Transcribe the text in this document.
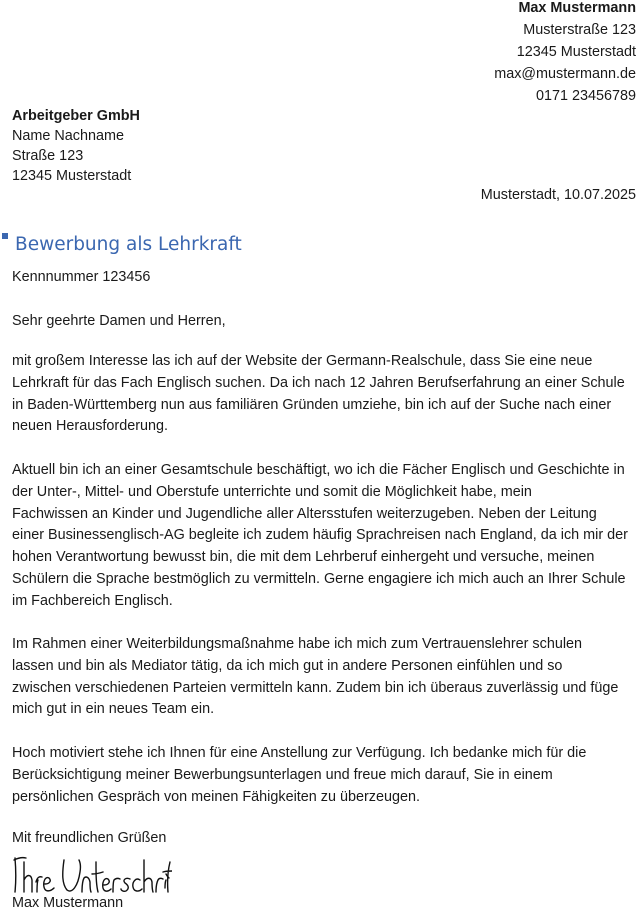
Max Mustermann
Musterstraße 123
12345 Musterstadt
max@mustermann.de
0171 23456789
Arbeitgeber GmbH
Name Nachname
Straße 123
12345 Musterstadt
Musterstadt, 10.07.2025
Bewerbung als Lehrkraft
Kennnummer 123456
Sehr geehrte Damen und Herren,
mit großem Interesse las ich auf der Website der Germann-Realschule, dass Sie eine neue
Lehrkraft für das Fach Englisch suchen. Da ich nach 12 Jahren Berufserfahrung an einer Schule
in Baden-Württemberg nun aus familiären Gründen umziehe, bin ich auf der Suche nach einer
neuen Herausforderung.
Aktuell bin ich an einer Gesamtschule beschäftigt, wo ich die Fächer Englisch und Geschichte in
der Unter-, Mittel- und Oberstufe unterrichte und somit die Möglichkeit habe, mein
Fachwissen an Kinder und Jugendliche aller Altersstufen weiterzugeben. Neben der Leitung
einer Businessenglisch-AG begleite ich zudem häufig Sprachreisen nach England, da ich mir der
hohen Verantwortung bewusst bin, die mit dem Lehrberuf einhergeht und versuche, meinen
Schülern die Sprache bestmöglich zu vermitteln. Gerne engagiere ich mich auch an Ihrer Schule
im Fachbereich Englisch.
Im Rahmen einer Weiterbildungsmaßnahme habe ich mich zum Vertrauenslehrer schulen
lassen und bin als Mediator tätig, da ich mich gut in andere Personen einfühlen und so
zwischen verschiedenen Parteien vermitteln kann. Zudem bin ich überaus zuverlässig und füge
mich gut in ein neues Team ein.
Hoch motiviert stehe ich Ihnen für eine Anstellung zur Verfügung. Ich bedanke mich für die
Berücksichtigung meiner Bewerbungsunterlagen und freue mich darauf, Sie in einem
persönlichen Gespräch von meinen Fähigkeiten zu überzeugen.
Mit freundlichen Grüßen
Max Mustermann
